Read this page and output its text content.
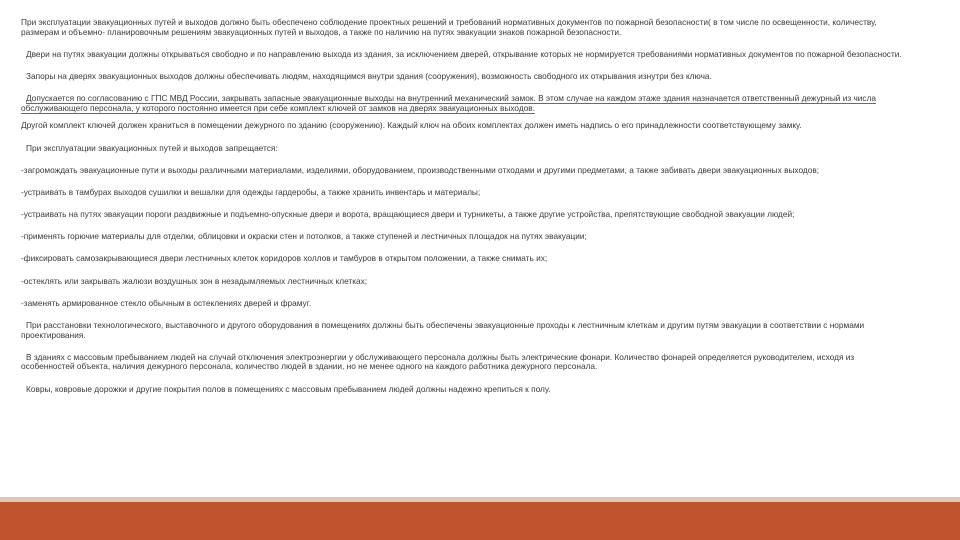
При эксплуатации эвакуационных путей и выходов должно быть обеспечено соблюдение проектных решений и требований нормативных документов по пожарной безопасности( в том числе по освещенности, количеству, размерам и объемно- планировочным решениям эвакуационных путей и выходов, а также по наличию на путях эвакуации знаков пожарной безопасности.

Двери на путях эвакуации должны открываться свободно и по направлению выхода из здания, за исключением дверей, открывание которых не нормируется требованиями нормативных документов по пожарной безопасности.

Запоры на дверях эвакуационных выходов должны обеспечивать людям, находящимся внутри здания (сооружения), возможность свободного их открывания изнутри без ключа.

Допускается по согласованию с ГПС МВД России, закрывать запасные эвакуационные выходы на внутренний механический замок. В этом случае на каждом этаже здания назначается ответственный дежурный из числа обслуживающего персонала, у которого постоянно имеется при себе комплект ключей от замков на дверях эвакуационных выходов.

Другой комплект ключей должен храниться в помещении дежурного по зданию (сооружению). Каждый ключ на обоих комплектах должен иметь надпись о его принадлежности соответствующему замку.

При эксплуатации эвакуационных путей и выходов запрещается:

-загромождать эвакуационные пути и выходы различными материалами, изделиями, оборудованием, производственными отходами и другими предметами, а также забивать двери эвакуационных выходов;

-устраивать в тамбурах выходов сушилки и вешалки для одежды гардеробы, а также хранить инвентарь и материалы;

-устраивать на путях эвакуации пороги раздвижные и подъемно-опускные двери и ворота, вращающиеся двери и турникеты, а также другие устройства, препятствующие свободной эвакуации людей;

-применять горючие материалы для отделки, облицовки и окраски стен и потолков, а также ступеней и лестничных площадок на путях эвакуации;

-фиксировать самозакрывающиеся двери лестничных клеток коридоров холлов и тамбуров в открытом положении, а также снимать их;

-остеклять или закрывать жалюзи воздушных зон в незадымляемых лестничных клетках;

-заменять армированное стекло обычным в остеклениях дверей и фрамуг.

При расстановки технологического, выставочного и другого оборудования в помещениях должны быть обеспечены эвакуационные проходы к лестничным клеткам и другим путям эвакуации в соответствии с нормами проектирования.

В зданиях с массовым пребыванием людей на случай отключения электроэнергии у обслуживающего персонала должны быть электрические фонари. Количество фонарей определяется руководителем, исходя из особенностей объекта, наличия дежурного персонала, количество людей в здании, но не менее одного на каждого работника дежурного персонала.

Ковры, ковровые дорожки и другие покрытия полов в помещениях с массовым пребыванием людей должны надежно крепиться к полу.
